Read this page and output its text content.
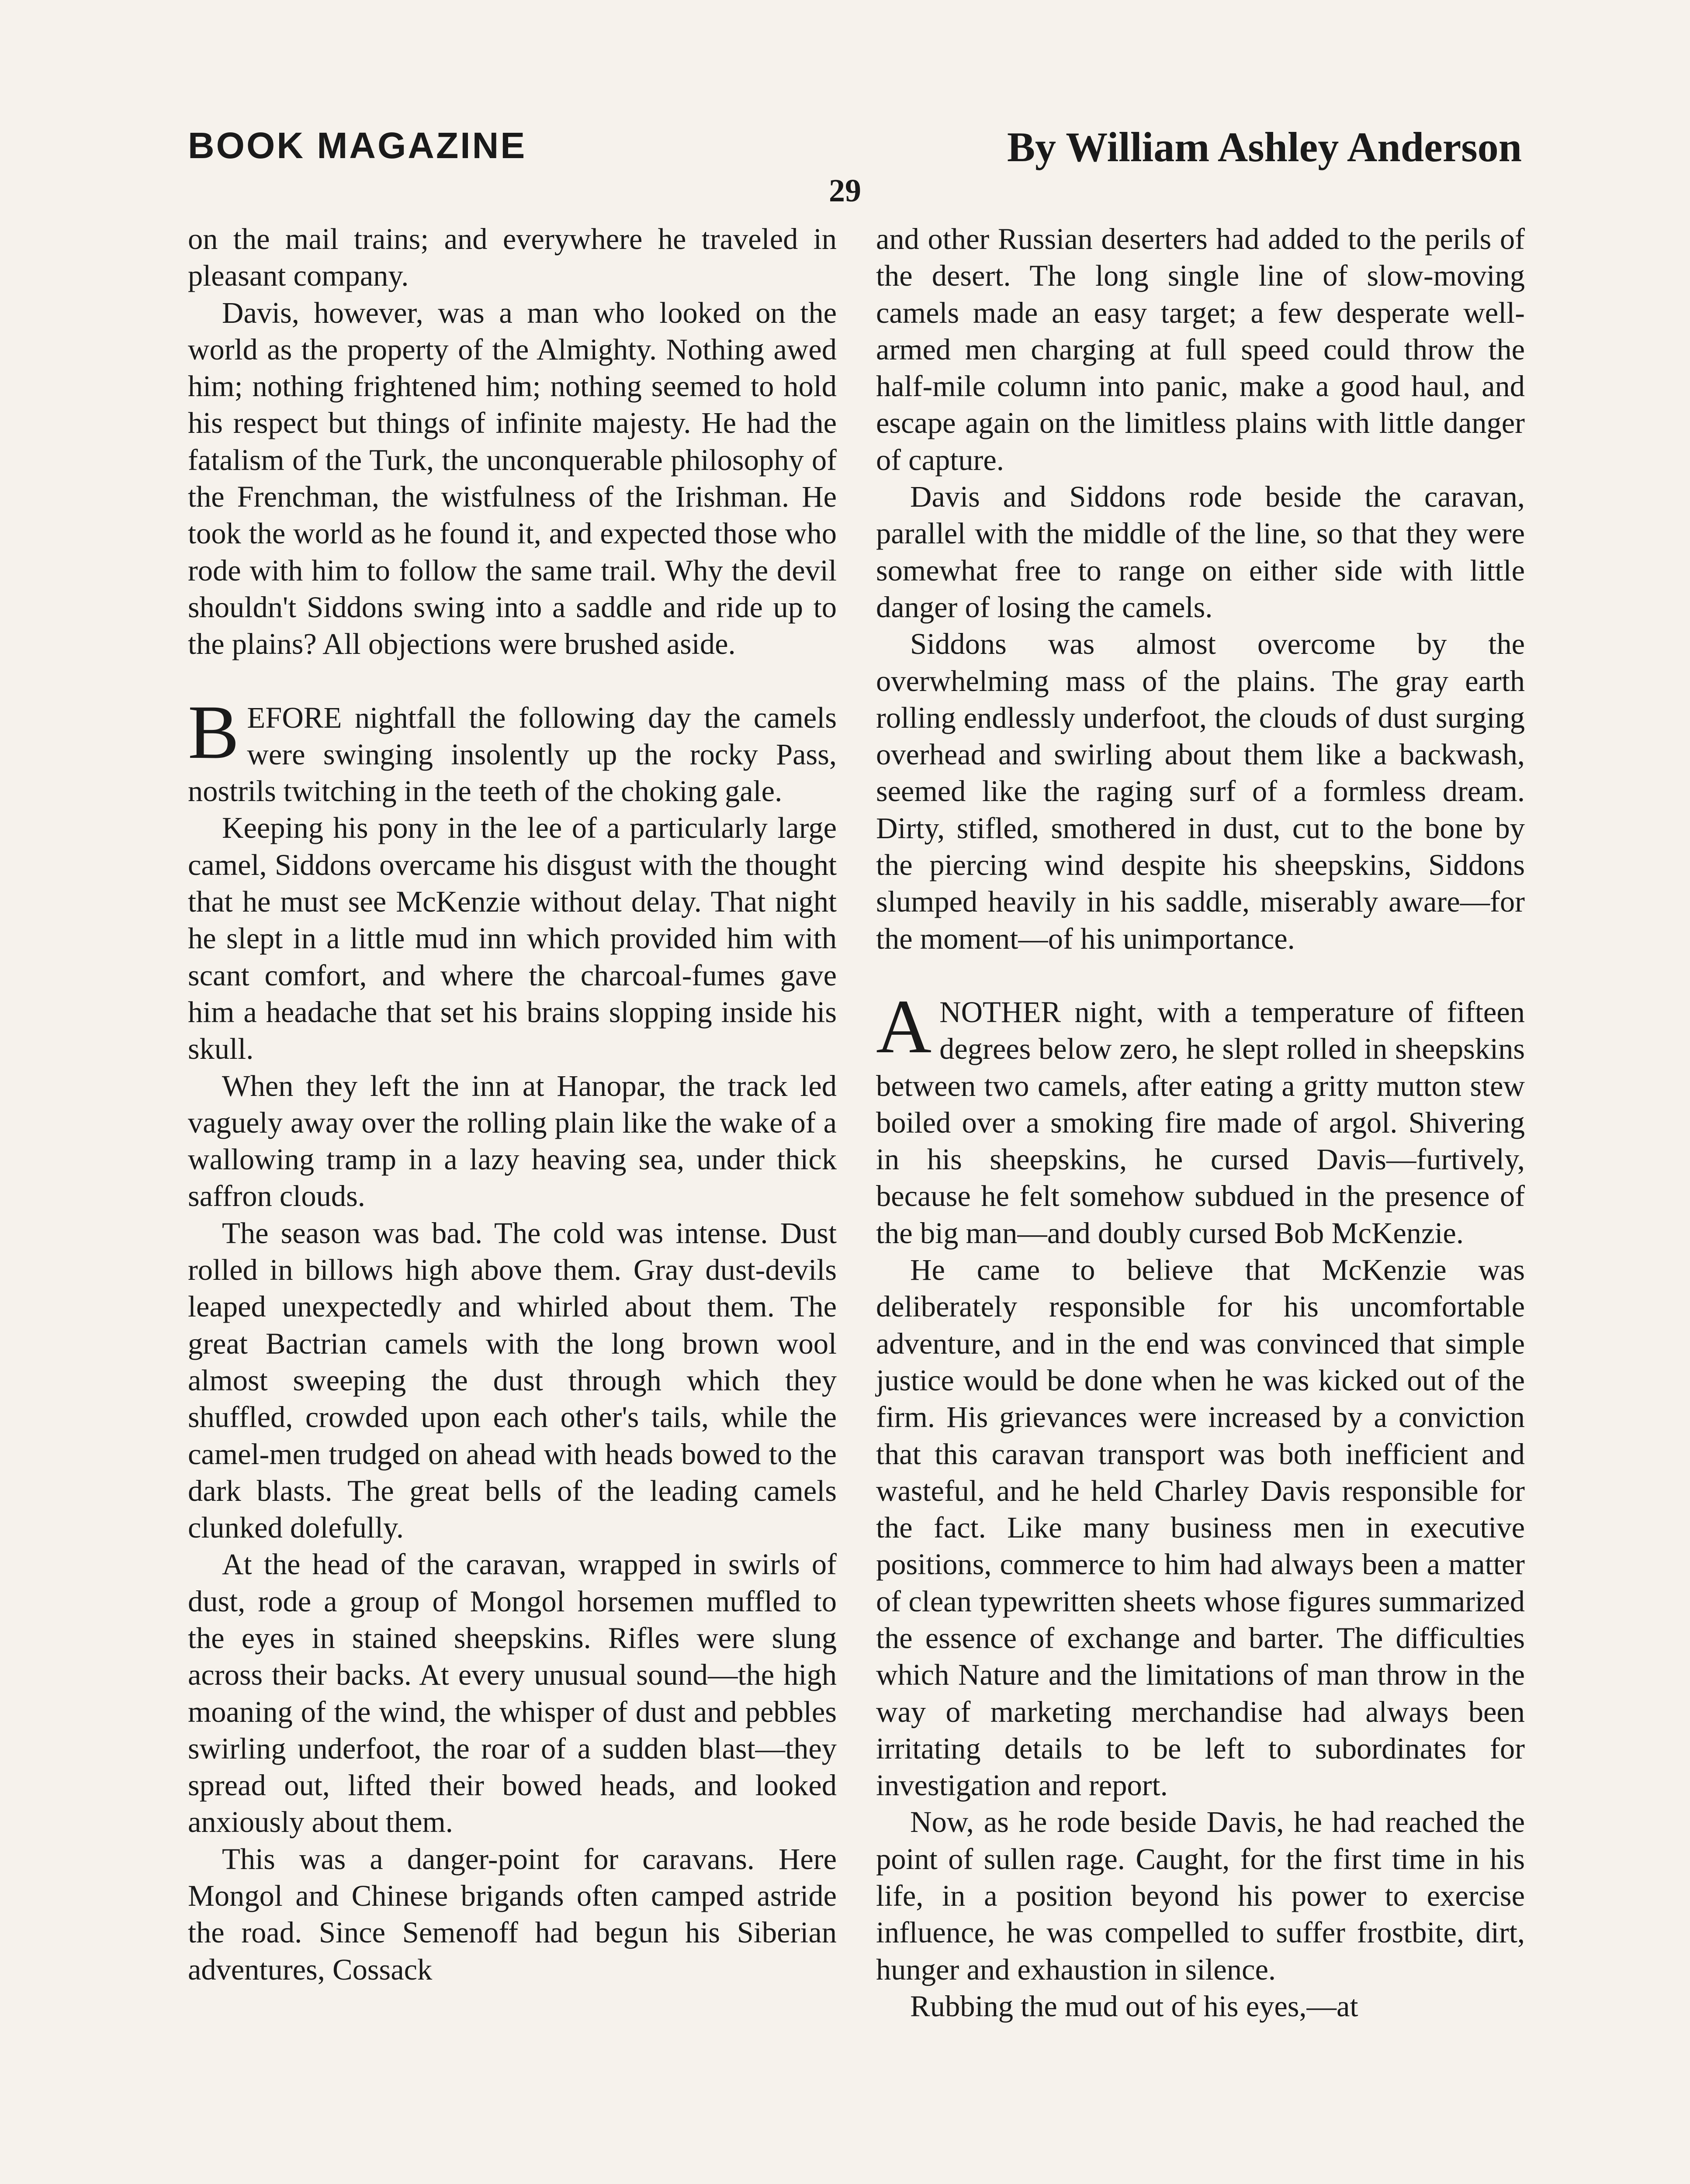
BOOK MAGAZINE	By William Ashley Anderson
29

on the mail trains; and everywhere he traveled in pleasant company.

Davis, however, was a man who looked on the world as the property of the Almighty. Nothing awed him; nothing frightened him; nothing seemed to hold his respect but things of infinite majesty. He had the fatalism of the Turk, the unconquerable philosophy of the Frenchman, the wistfulness of the Irishman. He took the world as he found it, and expected those who rode with him to follow the same trail. Why the devil shouldn't Siddons swing into a saddle and ride up to the plains? All objections were brushed aside.

BEFORE nightfall the following day the camels were swinging insolently up the rocky Pass, nostrils twitching in the teeth of the choking gale.

Keeping his pony in the lee of a particularly large camel, Siddons overcame his disgust with the thought that he must see McKenzie without delay. That night he slept in a little mud inn which provided him with scant comfort, and where the charcoal-fumes gave him a headache that set his brains slopping inside his skull.

When they left the inn at Hanopar, the track led vaguely away over the rolling plain like the wake of a wallowing tramp in a lazy heaving sea, under thick saffron clouds.

The season was bad. The cold was intense. Dust rolled in billows high above them. Gray dust-devils leaped unexpectedly and whirled about them. The great Bactrian camels with the long brown wool almost sweeping the dust through which they shuffled, crowded upon each other's tails, while the camel-men trudged on ahead with heads bowed to the dark blasts. The great bells of the leading camels clunked dolefully.

At the head of the caravan, wrapped in swirls of dust, rode a group of Mongol horsemen muffled to the eyes in stained sheepskins. Rifles were slung across their backs. At every unusual sound—the high moaning of the wind, the whisper of dust and pebbles swirling underfoot, the roar of a sudden blast—they spread out, lifted their bowed heads, and looked anxiously about them.

This was a danger-point for caravans. Here Mongol and Chinese brigands often camped astride the road. Since Semenoff had begun his Siberian adventures, Cossack

and other Russian deserters had added to the perils of the desert. The long single line of slow-moving camels made an easy target; a few desperate well-armed men charging at full speed could throw the half-mile column into panic, make a good haul, and escape again on the limitless plains with little danger of capture.

Davis and Siddons rode beside the caravan, parallel with the middle of the line, so that they were somewhat free to range on either side with little danger of losing the camels.

Siddons was almost overcome by the overwhelming mass of the plains. The gray earth rolling endlessly underfoot, the clouds of dust surging overhead and swirling about them like a backwash, seemed like the raging surf of a formless dream. Dirty, stifled, smothered in dust, cut to the bone by the piercing wind despite his sheepskins, Siddons slumped heavily in his saddle, miserably aware—for the moment—of his unimportance.

ANOTHER night, with a temperature of fifteen degrees below zero, he slept rolled in sheepskins between two camels, after eating a gritty mutton stew boiled over a smoking fire made of argol. Shivering in his sheepskins, he cursed Davis—furtively, because he felt somehow subdued in the presence of the big man—and doubly cursed Bob McKenzie.

He came to believe that McKenzie was deliberately responsible for his uncomfortable adventure, and in the end was convinced that simple justice would be done when he was kicked out of the firm. His grievances were increased by a conviction that this caravan transport was both inefficient and wasteful, and he held Charley Davis responsible for the fact. Like many business men in executive positions, commerce to him had always been a matter of clean typewritten sheets whose figures summarized the essence of exchange and barter. The difficulties which Nature and the limitations of man throw in the way of marketing merchandise had always been irritating details to be left to subordinates for investigation and report.

Now, as he rode beside Davis, he had reached the point of sullen rage. Caught, for the first time in his life, in a position beyond his power to exercise influence, he was compelled to suffer frostbite, dirt, hunger and exhaustion in silence.

Rubbing the mud out of his eyes,—at
